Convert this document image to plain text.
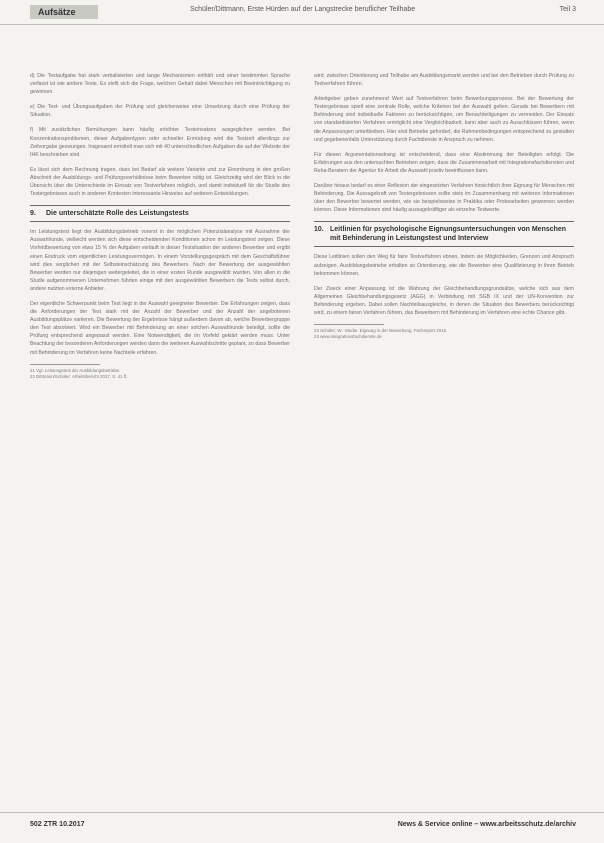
Aufsätze	Schüler/Dittmann, Erste Hürden auf der Langstrecke beruflicher Teilhabe	Teil 3

d) Die Testaufgabe hat stark verbalisierten und lange Mechanismen enthält und einer bestimmten Sprache verfasst ist wie andere Texte. Es stellt sich die Frage, welchen Gehalt dabei Menschen mit Beeinträchtigung zu gewinnen.

e) Die Test- und Übungsaufgaben der Prüfung und gleicherweise eine Umsetzung durch eine Prüfung der Situation.

f) Mit zusätzlichen Bemühungen kann häufig erhöhter Testeinsatzes ausgeglichen werden. Bei Konzentrationsproblemen, dieser Aufgabentypen oder schneller Ermüdung wird die Testzeit allerdings zur Zeitvorgabe gezwungen. Insgesamt ermittelt man sich mit 40 unterschiedlichen Aufgaben die auf der Website der IHK beschrieben sind.

Es lässt sich dem Rechnung tragen, dass bei Bedarf als weitere Variante und zur Einordnung in den großen Abschnitt der Ausbildungs- und Prüfungsverhältnisse beim Bewerber nötig ist. Gleichzeitig wird der Blick in die Übersicht über die Unterschiede im Einsatz von Testverfahren möglich, und damit individuell für die Studie des Testergebnisses auch in anderen Kontexten interessante Hinweise auf weiteren Entwicklungen.

9.	Die unterschätzte Rolle des Leistungstests

Im Leistungstest liegt der Ausbildungsbetrieb vorerst in der möglichen Potenzialanalyse mit Ausnahme der Auswahlrunde, vielleicht werden sich diese entscheidenden Konditionen schon im Leistungstest zeigen. Diese Vorfeldbewertung von etwa 15 % der Aufgaben verläuft in dieser Testsituation der anderen Bewerber und ergibt einen Eindruck vom eigentlichen Leistungsvermögen. In einem Vorstellungsgespräch mit dem Geschäftsführer wird dies verglichen mit der Selbsteinschätzung des Bewerbers. Nach der Bewertung der ausgewählten Bewerber werden nur diejenigen weitergeleitet, die in einer ersten Runde ausgewählt wurden. Von allen in die Studie aufgenommenen Unternehmen führten einige mit den ausgewählten Bewerbern die Tests selbst durch, andere nutzten externe Anbieter.

Der eigentliche Schwerpunkt beim Test liegt in der Auswahl geeigneter Bewerber. Die Erfahrungen zeigen, dass die Anforderungen der Test stark mit der Anzahl der Bewerber und der Anzahl der angebotenen Ausbildungsplätze variieren. Die Bewertung der Ergebnisse hängt außerdem davon ab, welche Bewerbergruppe den Test absolviert. Wird ein Bewerber mit Behinderung an einer solchen Auswahlrunde beteiligt, sollte die Prüfung entsprechend angepasst werden. Eine Notwendigkeit, die im Vorfeld geklärt werden muss. Unter Beachtung der besonderen Anforderungen werden dann die weiteren Auswahlschritte geplant, so dass Bewerber mit Behinderung im Verfahren keine Nachteile erfahren.

21 Vgl. Leistungstest der Ausbildungsbetriebe.

22 Dittmann/Schüler: Arbeitsbericht 2017, S. 41 ff.

wird, zwischen Orientierung und Teilhabe am Ausbildungsmarkt werden und bei den Betrieben durch Prüfung zu Testverfahren führen.

Arbeitgeber geben zunehmend Wert auf Testverfahren beim Bewerbungsprozess. Bei der Bewertung der Testergebnisse spielt eine zentrale Rolle, welche Kriterien bei der Auswahl gelten. Gerade bei Bewerbern mit Behinderung sind individuelle Faktoren zu berücksichtigen, um Benachteiligungen zu vermeiden. Der Einsatz von standardisierten Verfahren ermöglicht eine Vergleichbarkeit, kann aber auch zu Ausschlüssen führen, wenn die Anpassungen unterbleiben. Hier sind Betriebe gefordert, die Rahmenbedingungen entsprechend zu gestalten und gegebenenfalls Unterstützung durch Fachdienste in Anspruch zu nehmen.

Für diesen Argumentationsstrang ist entscheidend, dass eine Abstimmung der Beteiligten erfolgt. Die Erfahrungen aus den untersuchten Betrieben zeigen, dass die Zusammenarbeit mit Integrationsfachdiensten und Reha-Beratern der Agentur für Arbeit die Auswahl positiv beeinflussen kann.

Darüber hinaus bedarf es einer Reflexion der eingesetzten Verfahren hinsichtlich ihrer Eignung für Menschen mit Behinderung. Die Aussagekraft von Testergebnissen sollte stets im Zusammenhang mit weiteren Informationen über den Bewerber bewertet werden, wie sie beispielsweise in Praktika oder Probearbeiten gewonnen werden können. Diese Informationen sind häufig aussagekräftiger als einzelne Testwerte.

10. Leitlinien für psychologische Eignungsuntersuchungen von Menschen mit Behinderung in Leistungstest und Interview

Diese Leitlinien sollen den Weg für faire Testverfahren ebnen, indem sie Möglichkeiten, Grenzen und Anspruch aufzeigen. Ausbildungsbetriebe erhalten so Orientierung, wie die Bewerber eine Qualifizierung in ihren Betrieb bekommen können.

Der Zweck einer Anpassung ist die Wahrung der Gleichbehandlungsgrundsätze, welche sich aus dem Allgemeinen Gleichbehandlungsgesetz (AGG) in Verbindung mit SGB IX und der UN-Konvention zur Behinderung ergeben. Dabei sollen Nachteilsausgleiche, in denen die Situation des Bewerbers berücksichtigt wird, zu einem fairen Verfahren führen, das Bewerbern mit Behinderung im Verfahren eine echte Chance gibt.

23 Schüler, W.: Studie. Eignung in der Bewerbung, Fachreport 2016.

24 www.integrationsfachdienste.de

502 ZTR 10.2017	News & Service online – www.arbeitsschutz.de/archiv
